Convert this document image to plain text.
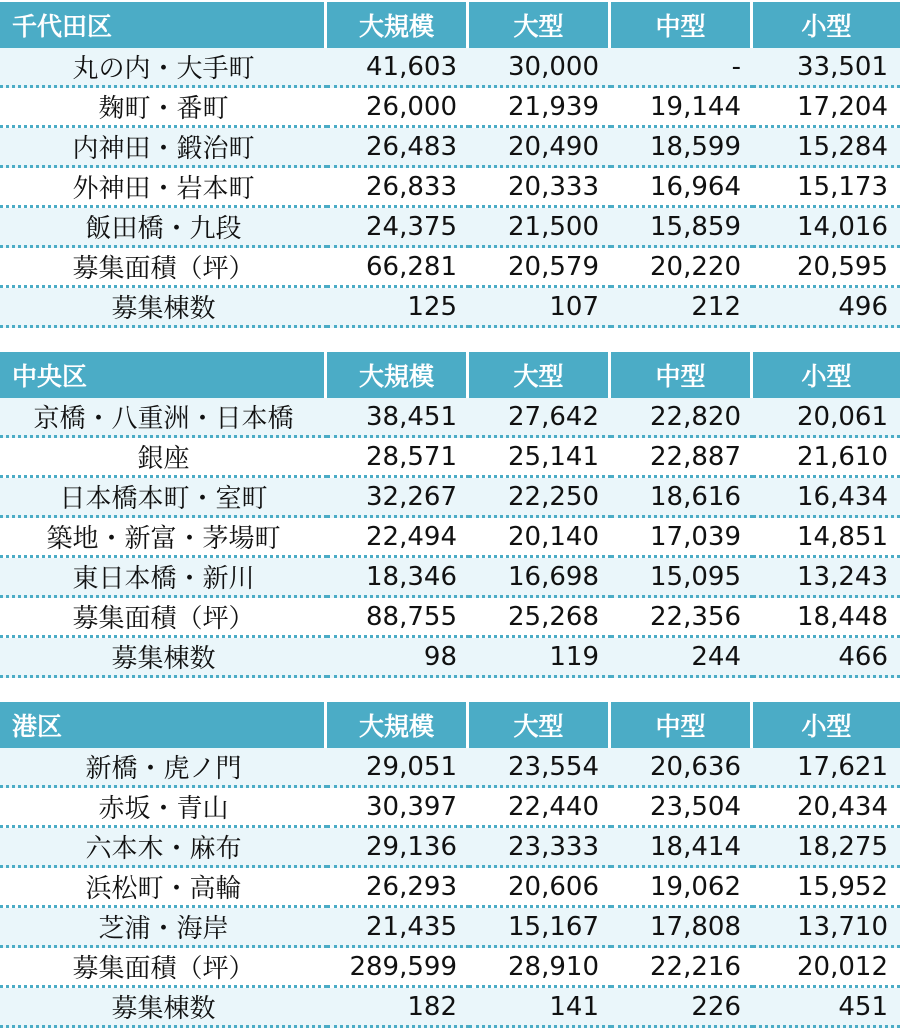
千代田区	大規模	大型	中型	小型
丸の内・大手町	41,603	30,000	-	33,501
麹町・番町	26,000	21,939	19,144	17,204
内神田・鍛治町	26,483	20,490	18,599	15,284
外神田・岩本町	26,833	20,333	16,964	15,173
飯田橋・九段	24,375	21,500	15,859	14,016
募集面積（坪）	66,281	20,579	20,220	20,595
募集棟数	125	107	212	496
中央区	大規模	大型	中型	小型
京橋・八重洲・日本橋	38,451	27,642	22,820	20,061
銀座	28,571	25,141	22,887	21,610
日本橋本町・室町	32,267	22,250	18,616	16,434
築地・新富・茅場町	22,494	20,140	17,039	14,851
東日本橋・新川	18,346	16,698	15,095	13,243
募集面積（坪）	88,755	25,268	22,356	18,448
募集棟数	98	119	244	466
港区	大規模	大型	中型	小型
新橋・虎ノ門	29,051	23,554	20,636	17,621
赤坂・青山	30,397	22,440	23,504	20,434
六本木・麻布	29,136	23,333	18,414	18,275
浜松町・高輪	26,293	20,606	19,062	15,952
芝浦・海岸	21,435	15,167	17,808	13,710
募集面積（坪）	289,599	28,910	22,216	20,012
募集棟数	182	141	226	451
